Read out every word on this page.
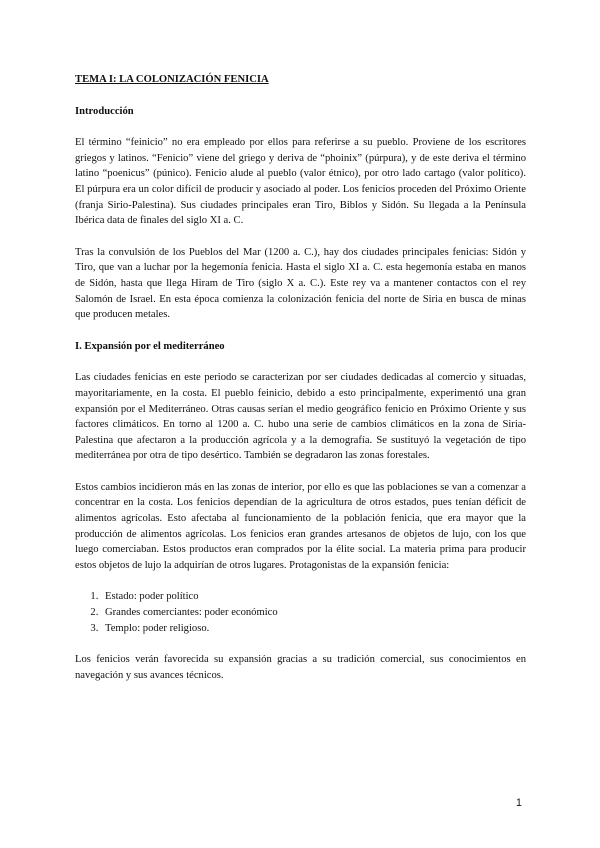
TEMA I: LA COLONIZACIÓN FENICIA
Introducción

El término “feinicio” no era empleado por ellos para referirse a su pueblo. Proviene de los escritores griegos y latinos. “Fenicio” viene del griego y deriva de “phoinix” (púrpura), y de este deriva el término latino “poenicus” (púnico). Fenicio alude al pueblo (valor étnico), por otro lado cartago (valor político). El púrpura era un color difícil de producir y asociado al poder. Los fenicios proceden del Próximo Oriente (franja Sirio-Palestina). Sus ciudades principales eran Tiro, Biblos y Sidón. Su llegada a la Península Ibérica data de finales del siglo XI a. C.

Tras la convulsión de los Pueblos del Mar (1200 a. C.), hay dos ciudades principales fenicias: Sidón y Tiro, que van a luchar por la hegemonía fenicia. Hasta el siglo XI a. C. esta hegemonía estaba en manos de Sidón, hasta que llega Hiram de Tiro (siglo X a. C.). Este rey va a mantener contactos con el rey Salomón de Israel. En esta época comienza la colonización fenicia del norte de Siria en busca de minas que producen metales.

I. Expansión por el mediterráneo

Las ciudades fenicias en este periodo se caracterizan por ser ciudades dedicadas al comercio y situadas, mayoritariamente, en la costa. El pueblo feinicio, debido a esto principalmente, experimentó una gran expansión por el Mediterráneo. Otras causas serían el medio geográfico fenicio en Próximo Oriente y sus factores climáticos. En torno al 1200 a. C. hubo una serie de cambios climáticos en la zona de Siria-Palestina que afectaron a la producción agrícola y a la demografía. Se sustituyó la vegetación de tipo mediterránea por otra de tipo desértico. También se degradaron las zonas forestales.

Estos cambios incidieron más en las zonas de interior, por ello es que las poblaciones se van a comenzar a concentrar en la costa. Los fenicios dependían de la agricultura de otros estados, pues tenían déficit de alimentos agrícolas. Esto afectaba al funcionamiento de la población fenicia, que era mayor que la producción de alimentos agrícolas. Los fenicios eran grandes artesanos de objetos de lujo, con los que luego comerciaban. Estos productos eran comprados por la élite social. La materia prima para producir estos objetos de lujo la adquirían de otros lugares. Protagonistas de la expansión fenicia:

1. Estado: poder político
2. Grandes comerciantes: poder económico
3. Templo: poder religioso.

Los fenicios verán favorecida su expansión gracias a su tradición comercial, sus conocimientos en navegación y sus avances técnicos.

1
